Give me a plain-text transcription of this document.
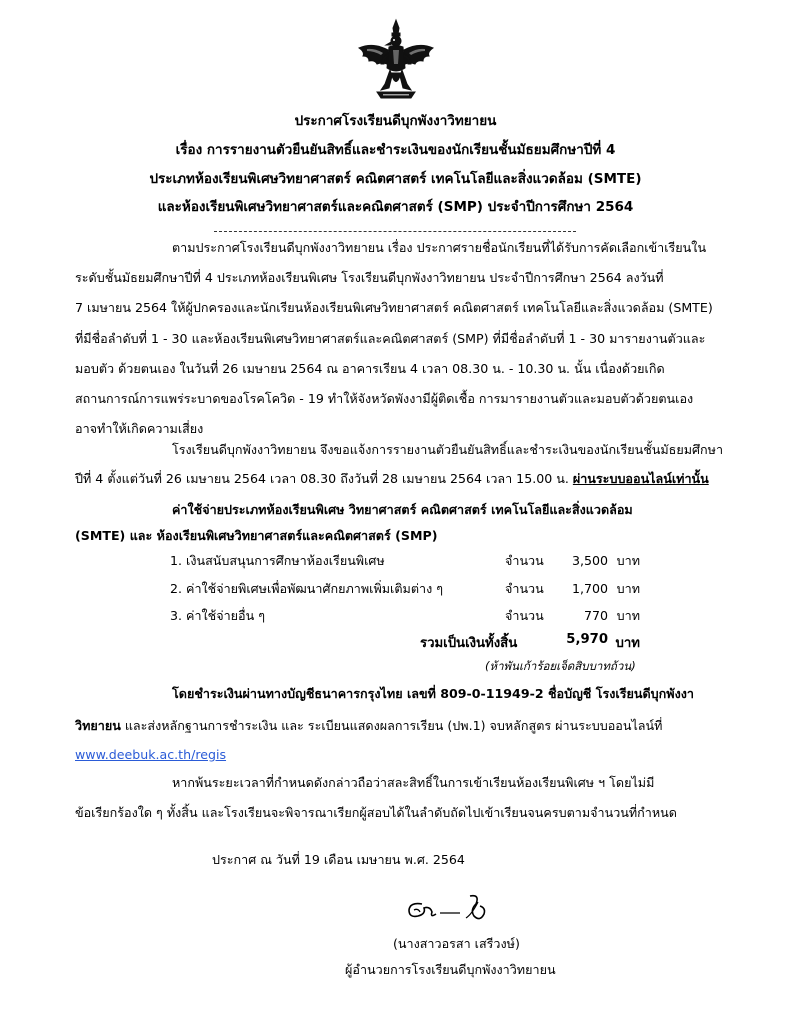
ประกาศโรงเรียนดีบุกพังงาวิทยายน
เรื่อง การรายงานตัวยืนยันสิทธิ์และชำระเงินของนักเรียนชั้นมัธยมศึกษาปีที่ 4
ประเภทห้องเรียนพิเศษวิทยาศาสตร์ คณิตศาสตร์ เทคโนโลยีและสิ่งแวดล้อม (SMTE)
และห้องเรียนพิเศษวิทยาศาสตร์และคณิตศาสตร์ (SMP) ประจำปีการศึกษา 2564
ตามประกาศโรงเรียนดีบุกพังงาวิทยายน เรื่อง ประกาศรายชื่อนักเรียนที่ได้รับการคัดเลือกเข้าเรียนใน
ระดับชั้นมัธยมศึกษาปีที่ 4 ประเภทห้องเรียนพิเศษ โรงเรียนดีบุกพังงาวิทยายน ประจำปีการศึกษา 2564 ลงวันที่
7 เมษายน 2564 ให้ผู้ปกครองและนักเรียนห้องเรียนพิเศษวิทยาศาสตร์ คณิตศาสตร์ เทคโนโลยีและสิ่งแวดล้อม (SMTE)
ที่มีชื่อลำดับที่ 1 - 30 และห้องเรียนพิเศษวิทยาศาสตร์และคณิตศาสตร์ (SMP) ที่มีชื่อลำดับที่ 1 - 30 มารายงานตัวและ
มอบตัว ด้วยตนเอง ในวันที่ 26 เมษายน 2564 ณ อาคารเรียน 4 เวลา 08.30 น. - 10.30 น. นั้น เนื่องด้วยเกิด
สถานการณ์การแพร่ระบาดของโรคโควิด - 19 ทำให้จังหวัดพังงามีผู้ติดเชื้อ การมารายงานตัวและมอบตัวด้วยตนเอง
อาจทำให้เกิดความเสี่ยง
โรงเรียนดีบุกพังงาวิทยายน จึงขอแจ้งการรายงานตัวยืนยันสิทธิ์และชำระเงินของนักเรียนชั้นมัธยมศึกษา
ปีที่ 4 ตั้งแต่วันที่ 26 เมษายน 2564 เวลา 08.30 ถึงวันที่ 28 เมษายน 2564 เวลา 15.00 น. ผ่านระบบออนไลน์เท่านั้น
ค่าใช้จ่ายประเภทห้องเรียนพิเศษ วิทยาศาสตร์ คณิตศาสตร์ เทคโนโลยีและสิ่งแวดล้อม
(SMTE) และ ห้องเรียนพิเศษวิทยาศาสตร์และคณิตศาสตร์ (SMP)
1. เงินสนับสนุนการศึกษาห้องเรียนพิเศษ	จำนวน 3,500 บาท
2. ค่าใช้จ่ายพิเศษเพื่อพัฒนาศักยภาพเพิ่มเติมต่าง ๆ	จำนวน 1,700 บาท
3. ค่าใช้จ่ายอื่น ๆ	จำนวน	770 บาท
รวมเป็นเงินทั้งสิ้น	5,970 บาท
(ห้าพันเก้าร้อยเจ็ดสิบบาทถ้วน)
โดยชำระเงินผ่านทางบัญชีธนาคารกรุงไทย เลขที่ 809-0-11949-2 ชื่อบัญชี โรงเรียนดีบุกพังงา
วิทยายน และส่งหลักฐานการชำระเงิน และ ระเบียนแสดงผลการเรียน (ปพ.1) จบหลักสูตร ผ่านระบบออนไลน์ที่
www.deebuk.ac.th/regis
หากพ้นระยะเวลาที่กำหนดดังกล่าวถือว่าสละสิทธิ์ในการเข้าเรียนห้องเรียนพิเศษ ฯ โดยไม่มี
ข้อเรียกร้องใด ๆ ทั้งสิ้น และโรงเรียนจะพิจารณาเรียกผู้สอบได้ในลำดับถัดไปเข้าเรียนจนครบตามจำนวนที่กำหนด
ประกาศ ณ วันที่ 19 เดือน เมษายน พ.ศ. 2564
(นางสาวอรสา เสรีวงษ์)
ผู้อำนวยการโรงเรียนดีบุกพังงาวิทยายน
